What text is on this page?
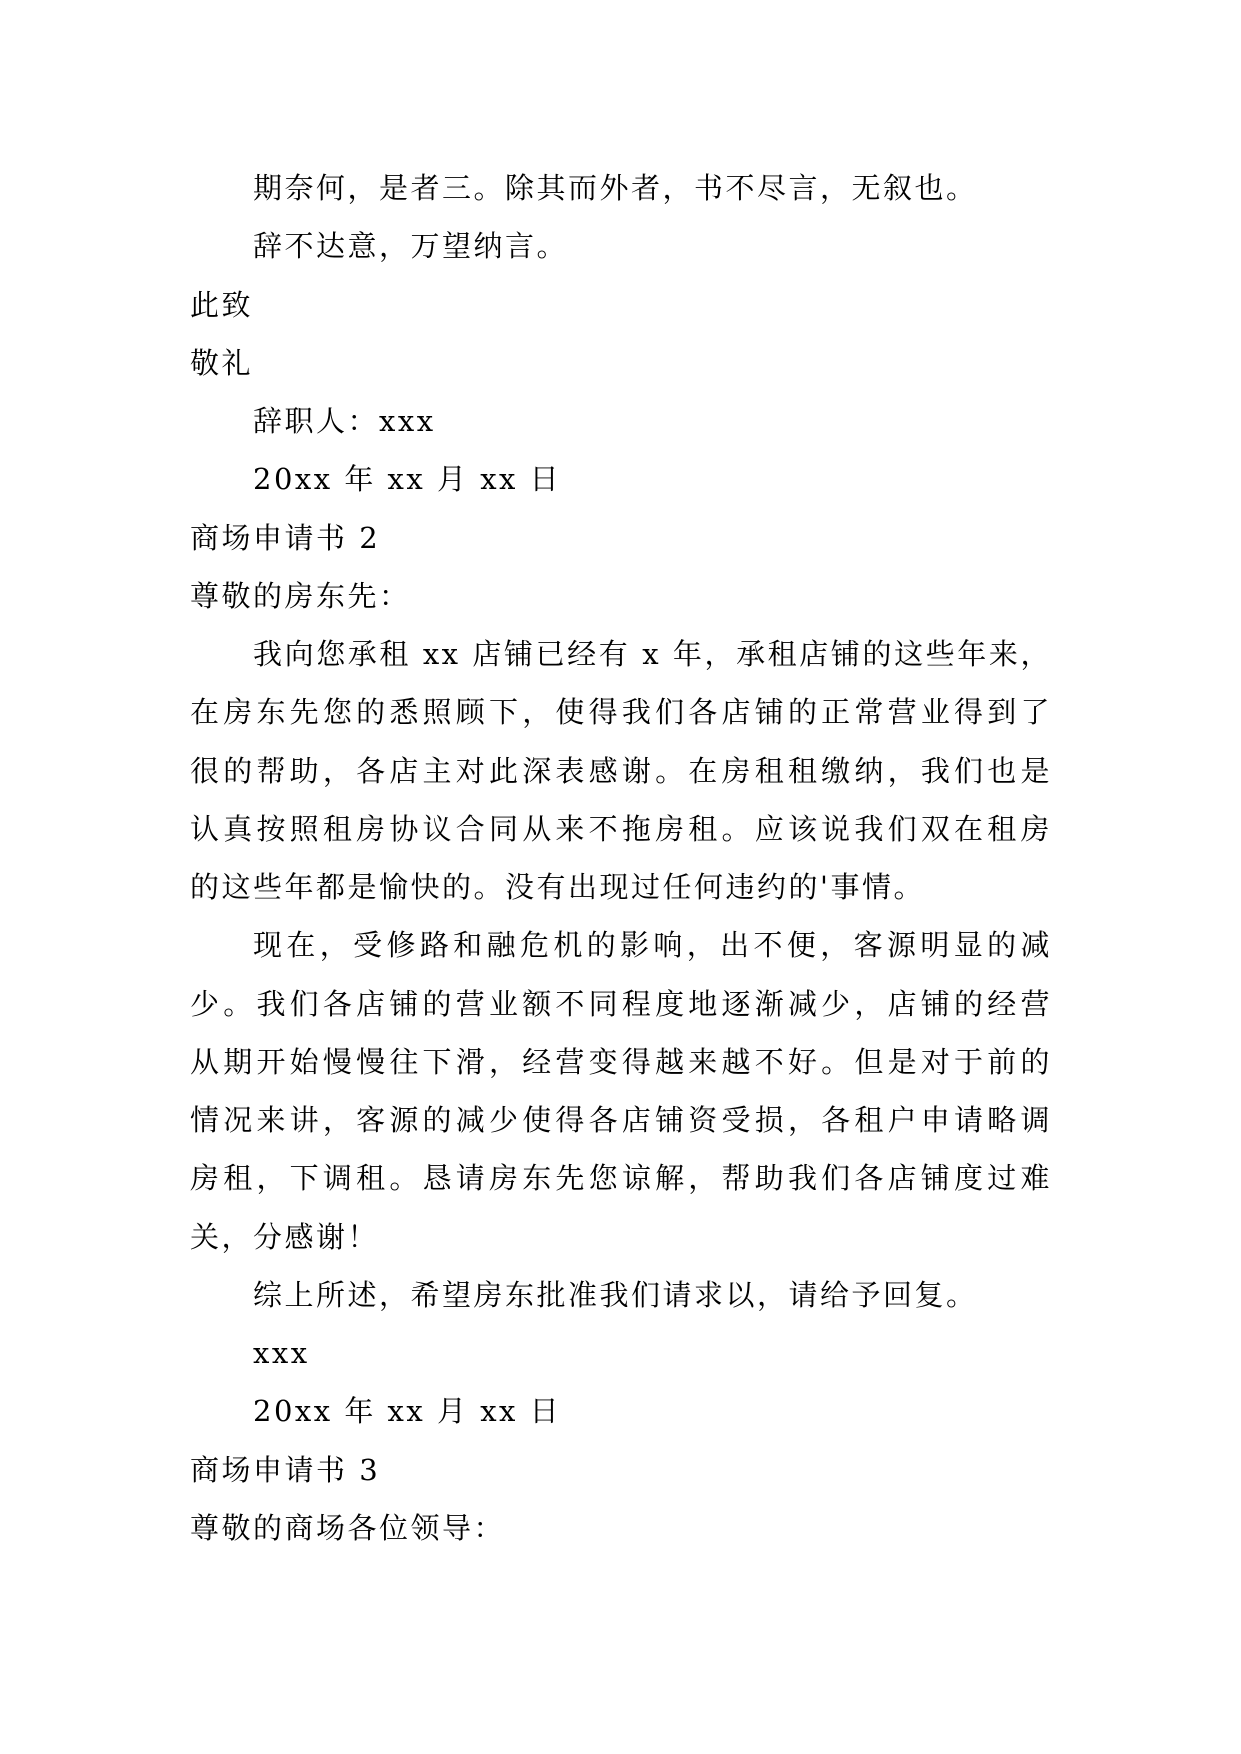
期奈何，是者三。除其而外者，书不尽言，无叙也。
辞不达意，万望纳言。
此致
敬礼
辞职人：xxx
20xx 年 xx 月 xx 日
商场申请书 2
尊敬的房东先：
我向您承租 xx 店铺已经有 x 年，承租店铺的这些年来，
在房东先您的悉照顾下，使得我们各店铺的正常营业得到了
很的帮助，各店主对此深表感谢。在房租租缴纳，我们也是
认真按照租房协议合同从来不拖房租。应该说我们双在租房
的这些年都是愉快的。没有出现过任何违约的'事情。
现在，受修路和融危机的影响，出不便，客源明显的减
少。我们各店铺的营业额不同程度地逐渐减少，店铺的经营
从期开始慢慢往下滑，经营变得越来越不好。但是对于前的
情况来讲，客源的减少使得各店铺资受损，各租户申请略调
房租，下调租。恳请房东先您谅解，帮助我们各店铺度过难
关，分感谢！
综上所述，希望房东批准我们请求以，请给予回复。
xxx
20xx 年 xx 月 xx 日
商场申请书 3
尊敬的商场各位领导：
